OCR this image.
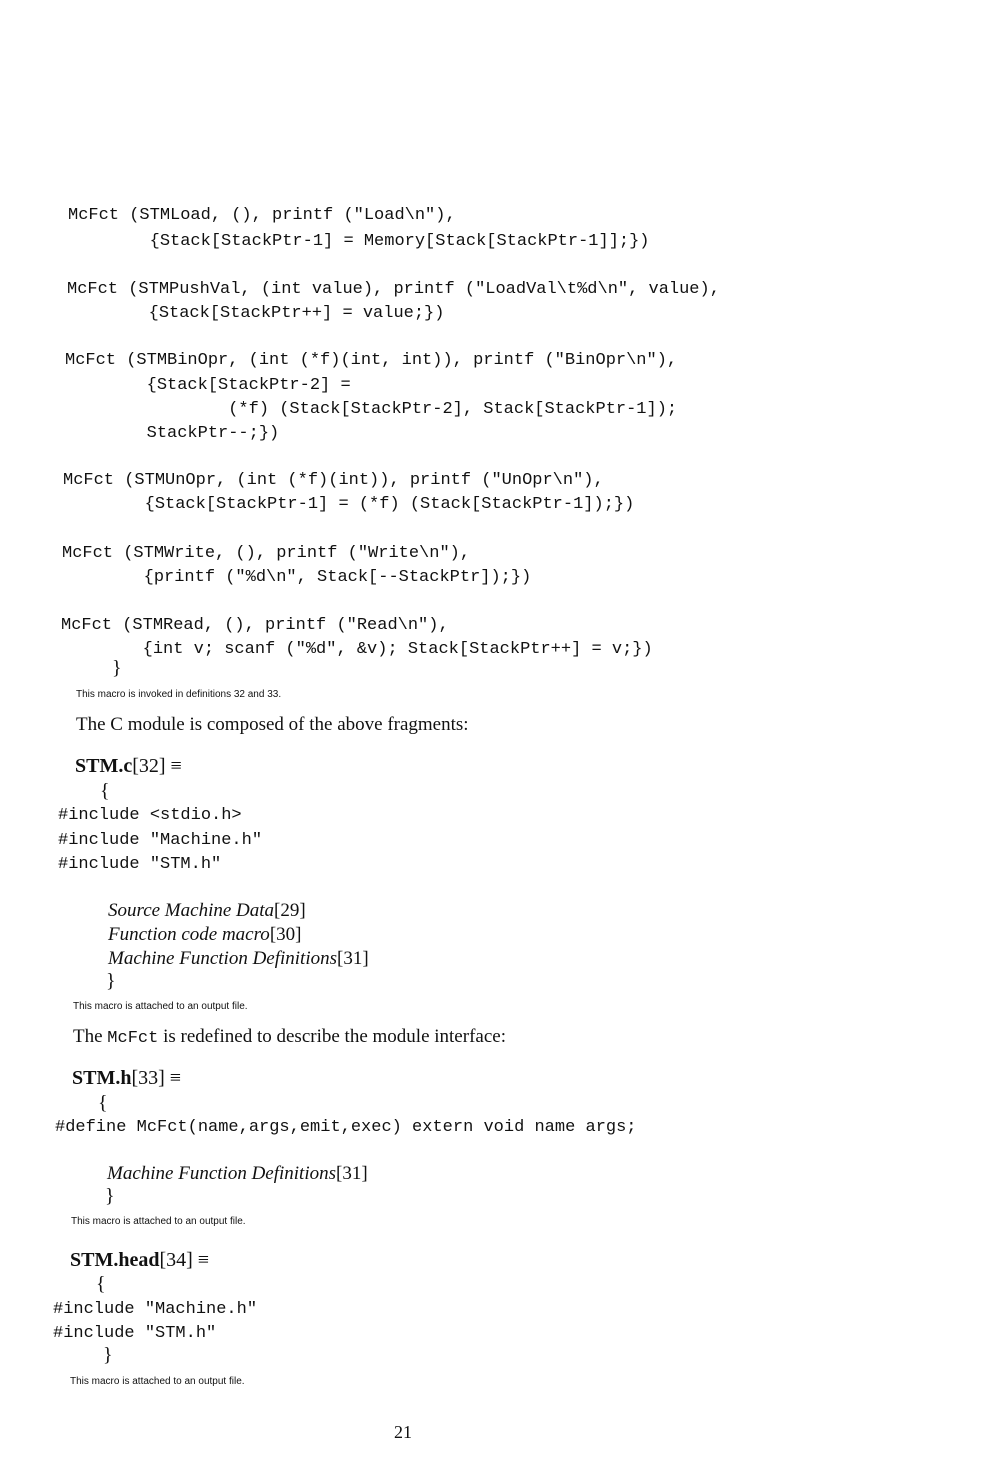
McFct (STMLoad, (), printf ("Load\n"),
{Stack[StackPtr-1] = Memory[Stack[StackPtr-1]];})
McFct (STMPushVal, (int value), printf ("LoadVal\t%d\n", value),
{Stack[StackPtr++] = value;})
McFct (STMBinOpr, (int (*f)(int, int)), printf ("BinOpr\n"),
{Stack[StackPtr-2] =
(*f) (Stack[StackPtr-2], Stack[StackPtr-1]);
StackPtr--;})
McFct (STMUnOpr, (int (*f)(int)), printf ("UnOpr\n"),
{Stack[StackPtr-1] = (*f) (Stack[StackPtr-1]);})
McFct (STMWrite, (), printf ("Write\n"),
{printf ("%d\n", Stack[--StackPtr]);})
McFct (STMRead, (), printf ("Read\n"),
{int v; scanf ("%d", &v); Stack[StackPtr++] = v;})
}
This macro is invoked in definitions 32 and 33.
The C module is composed of the above fragments:
STM.c[32] ≡
{
#include <stdio.h>
#include "Machine.h"
#include "STM.h"
Source Machine Data[29]
Function code macro[30]
Machine Function Definitions[31]
}
This macro is attached to an output file.
The McFct is redefined to describe the module interface:
STM.h[33] ≡
{
#define McFct(name,args,emit,exec) extern void name args;
Machine Function Definitions[31]
}
This macro is attached to an output file.
STM.head[34] ≡
{
#include "Machine.h"
#include "STM.h"
}
This macro is attached to an output file.
21
